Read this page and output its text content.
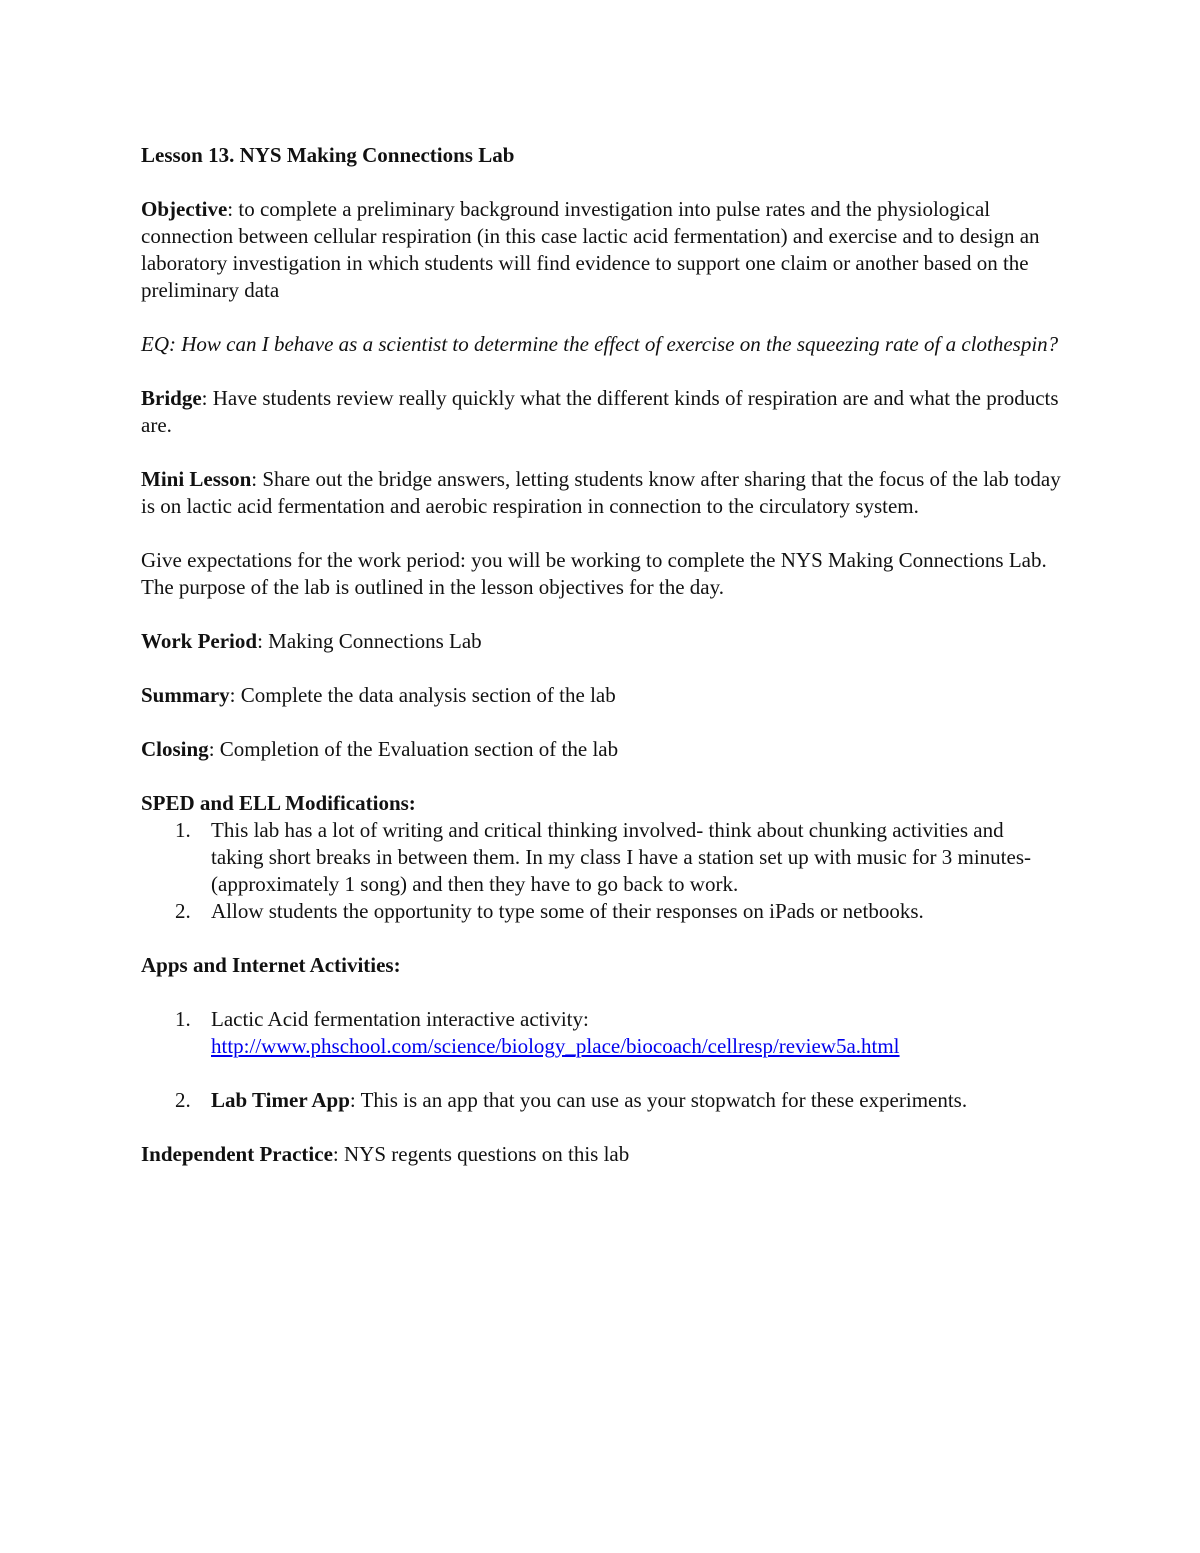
Lesson 13. NYS Making Connections Lab

Objective: to complete a preliminary background investigation into pulse rates and the physiological connection between cellular respiration (in this case lactic acid fermentation) and exercise and to design an laboratory investigation in which students will find evidence to support one claim or another based on the preliminary data

EQ: How can I behave as a scientist to determine the effect of exercise on the squeezing rate of a clothespin?

Bridge: Have students review really quickly what the different kinds of respiration are and what the products are.

Mini Lesson: Share out the bridge answers, letting students know after sharing that the focus of the lab today is on lactic acid fermentation and aerobic respiration in connection to the circulatory system.

Give expectations for the work period: you will be working to complete the NYS Making Connections Lab. The purpose of the lab is outlined in the lesson objectives for the day.

Work Period: Making Connections Lab

Summary: Complete the data analysis section of the lab

Closing: Completion of the Evaluation section of the lab

SPED and ELL Modifications:

1. This lab has a lot of writing and critical thinking involved- think about chunking activities and taking short breaks in between them. In my class I have a station set up with music for 3 minutes- (approximately 1 song) and then they have to go back to work.
2. Allow students the opportunity to type some of their responses on iPads or netbooks.

Apps and Internet Activities:

1. Lactic Acid fermentation interactive activity:
http://www.phschool.com/science/biology_place/biocoach/cellresp/review5a.html
2. Lab Timer App: This is an app that you can use as your stopwatch for these experiments.

Independent Practice: NYS regents questions on this lab
